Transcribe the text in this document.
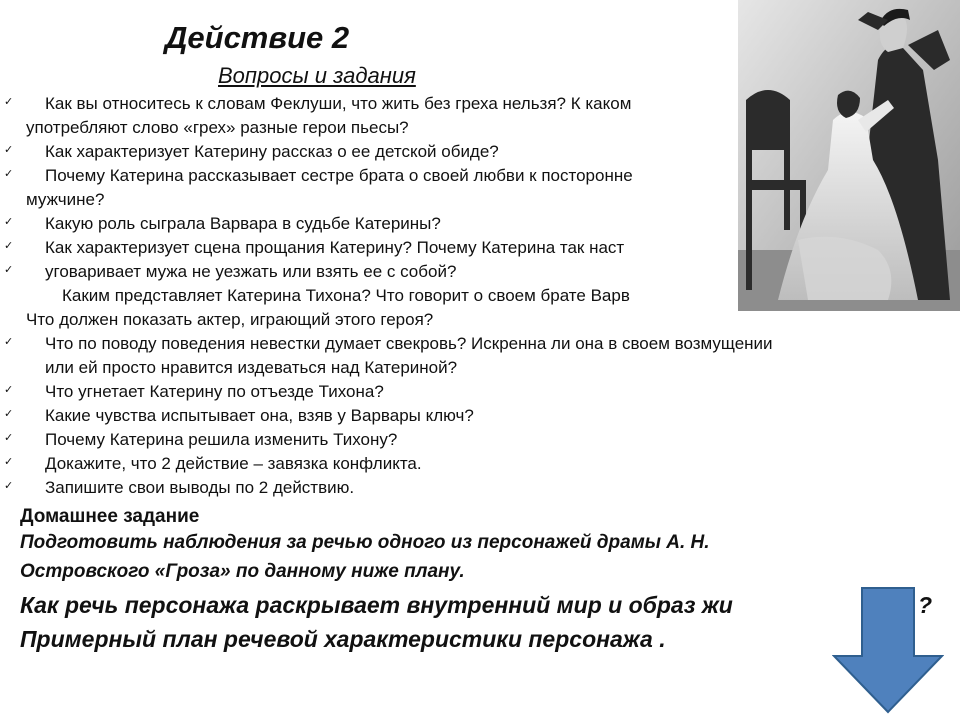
Действие 2
Вопросы и задания
✓ Как вы относитесь к словам Феклуши, что жить без греха нельзя? К каком
употребляют слово «грех» разные герои пьесы?
✓ Как характеризует Катерину рассказ о ее детской обиде?
✓ Почему Катерина рассказывает сестре брата о своей любви к посторонне
мужчине?
✓ Какую роль сыграла Варвара в судьбе Катерины?
✓ Как характеризует сцена прощания Катерину? Почему Катерина так наст
✓ уговаривает мужа не уезжать или взять ее с собой?
Каким представляет Катерина Тихона? Что говорит о своем брате Варв
Что должен показать актер, играющий этого героя?
✓ Что по поводу поведения невестки думает свекровь? Искренна ли она в своем возмущении
или ей просто нравится издеваться над Катериной?
✓ Что угнетает Катерину по отъезде Тихона?
✓ Какие чувства испытывает она, взяв у Варвары ключ?
✓ Почему Катерина решила изменить Тихону?
✓ Докажите, что 2 действие – завязка конфликта.
✓ Запишите свои выводы по 2 действию.
Домашнее задание
Подготовить наблюдения за речью одного из персонажей драмы А. Н.
Островского «Гроза» по данному ниже плану.
Как речь персонажа раскрывает внутренний мир и образ жи	?
Примерный план речевой характеристики персонажа .
